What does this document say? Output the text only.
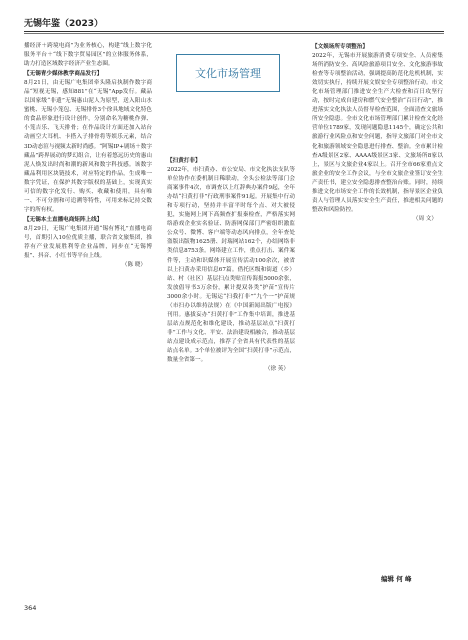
无锡年鉴（2023）
文化市场管理

播经济＋跨境电商”为业务核心，构建“线上数字化服务平台＋“线下数字贸易园区”的立体服务体系，助力打造区域数字经济产业生态圈。

【无锡青少媒体教学商品发行】

8月21日，由无锡广电集团牵头隆启执制作数字商品“短视无锡，感知881”在“无锡”App发行。藏品以国家级“非遗”无锡惠山泥人为原型，送入阳山水蜜桃、无锡小笼包、无锡排骨3个徐具地域文化特色的食品形象进行设计创作，分别命名为糖桃作弹、小笼吉乐、飞天排骨；在作品设计方面还加入站台动画空大耳机、卡搭入子排骨将等娱乐元素，结合3D动态渲与视频太新时尚感。“阿锡IP+剧场＋数字藏品”跨界展动的梦幻组合，让有着悠远历史的惠山泥人焕发出时尚和潮的新风和数字科技感。该数字藏品利用区块链技术，对应特定的作品，生成唯一数字凭证，在保护其数字版权的基础上，实现真实可信的数字化发行、购买、收藏和使用，具有唯一、不可分割和可追溯等特性，可用来标记持交数字的所有权。

【无锡本土直播电商矩阵上线】

8月29日，无锡广电集团开通“锡有博礼”直播电商号，首期引入10位优质主播，联合省文旅集团，推荐有产业发展胜利等企业品牌，同步在“无锡博报”、抖音、小红书等平台上线。

（陈 晓）

【扫黄打非】

2022年，市扫黄办、市公安局、市文化执法支队等单位协作在委机制日稀联动，全头公检法等部门会商案事件4次，市调查以上红辞典办案件9起，全年办结“扫黄打非”行政刑事案件91起。开展集中行动和专项行动，坚持并丰富平时每个点、对大被侵犯，实施网上网下高频查扩报秦检查，严格落实网络游戏企业实名验证、防游网保部门严密组织激监公众号、微博、客户端等动态风向排点，全年查处盗版出版物1625册、封瑞网站162个，办结网络非类信息8753条。网络建立工作，重点打击、案件案件等，主动和识媒体开展宣传活动100余次，被省以上扫黄办采用信息67篇。借托区级和街道（乡）站、村（社区）基层扫点类贴宣传海报5000余张，发放倡导书3万余份，累计提双各类“护苗”宣传片3000余小时。无锡运“扫我打非”“九个一”护苗规（市扫办以维持法规）在《中国新闻出版广电报》刊用。惠拔妄办“扫黄打非”工作集中培训，推进基层站点规范化和维化建设，推动基层站点“扫黄打非”工作与文化、平安、法治建设相融合，推动基层站点建设成示范点，推荐了全省具有代表性的基层站点名单。3个单位被评为全国“扫黄打非”示范点，数量全省第一。

（徐 英）

【文娱场所专项整治】

2022年，无锡市开展旅游消费专项安全、人员密集场所消防安全、高风险旅游项目安全、文化旅游事故检查等专项整治活动，强调提高防范化危机机制，实效切实执行，持续开展文娱安全专项整治行动。市文化市场管理部门推进安全生产大检查和百日攻坚行动，按时完成自建房和燃气安全整治“百日行动”，推进落实文化执法人员督导检查范围，全面清查文旅场所安全隐患。全市文化市场管理部门累计检查文化经营单位1789家，发现问题隐患1145个，确定公共和旅游行业风险点和安全问题，指导文旅部门对全市文化和旅游领域安全隐患进行排查、整治。全市累计检查A级景区2家、AAAA级景区3家、文旅场所8家以上，景区与文旅企业4家以上。召开全市66家重点文旅企业的安全工作会议，与全市文旅企业签订安全生产责任书，建立安全隐患排查整治台账。同时，持续推进文化市场安全工作的长效机制，指导景区企业负责人与管理人员落实安全生产责任，推进相关问题的整改和风险防控。

（周 文）
编辑 何 峰
364
